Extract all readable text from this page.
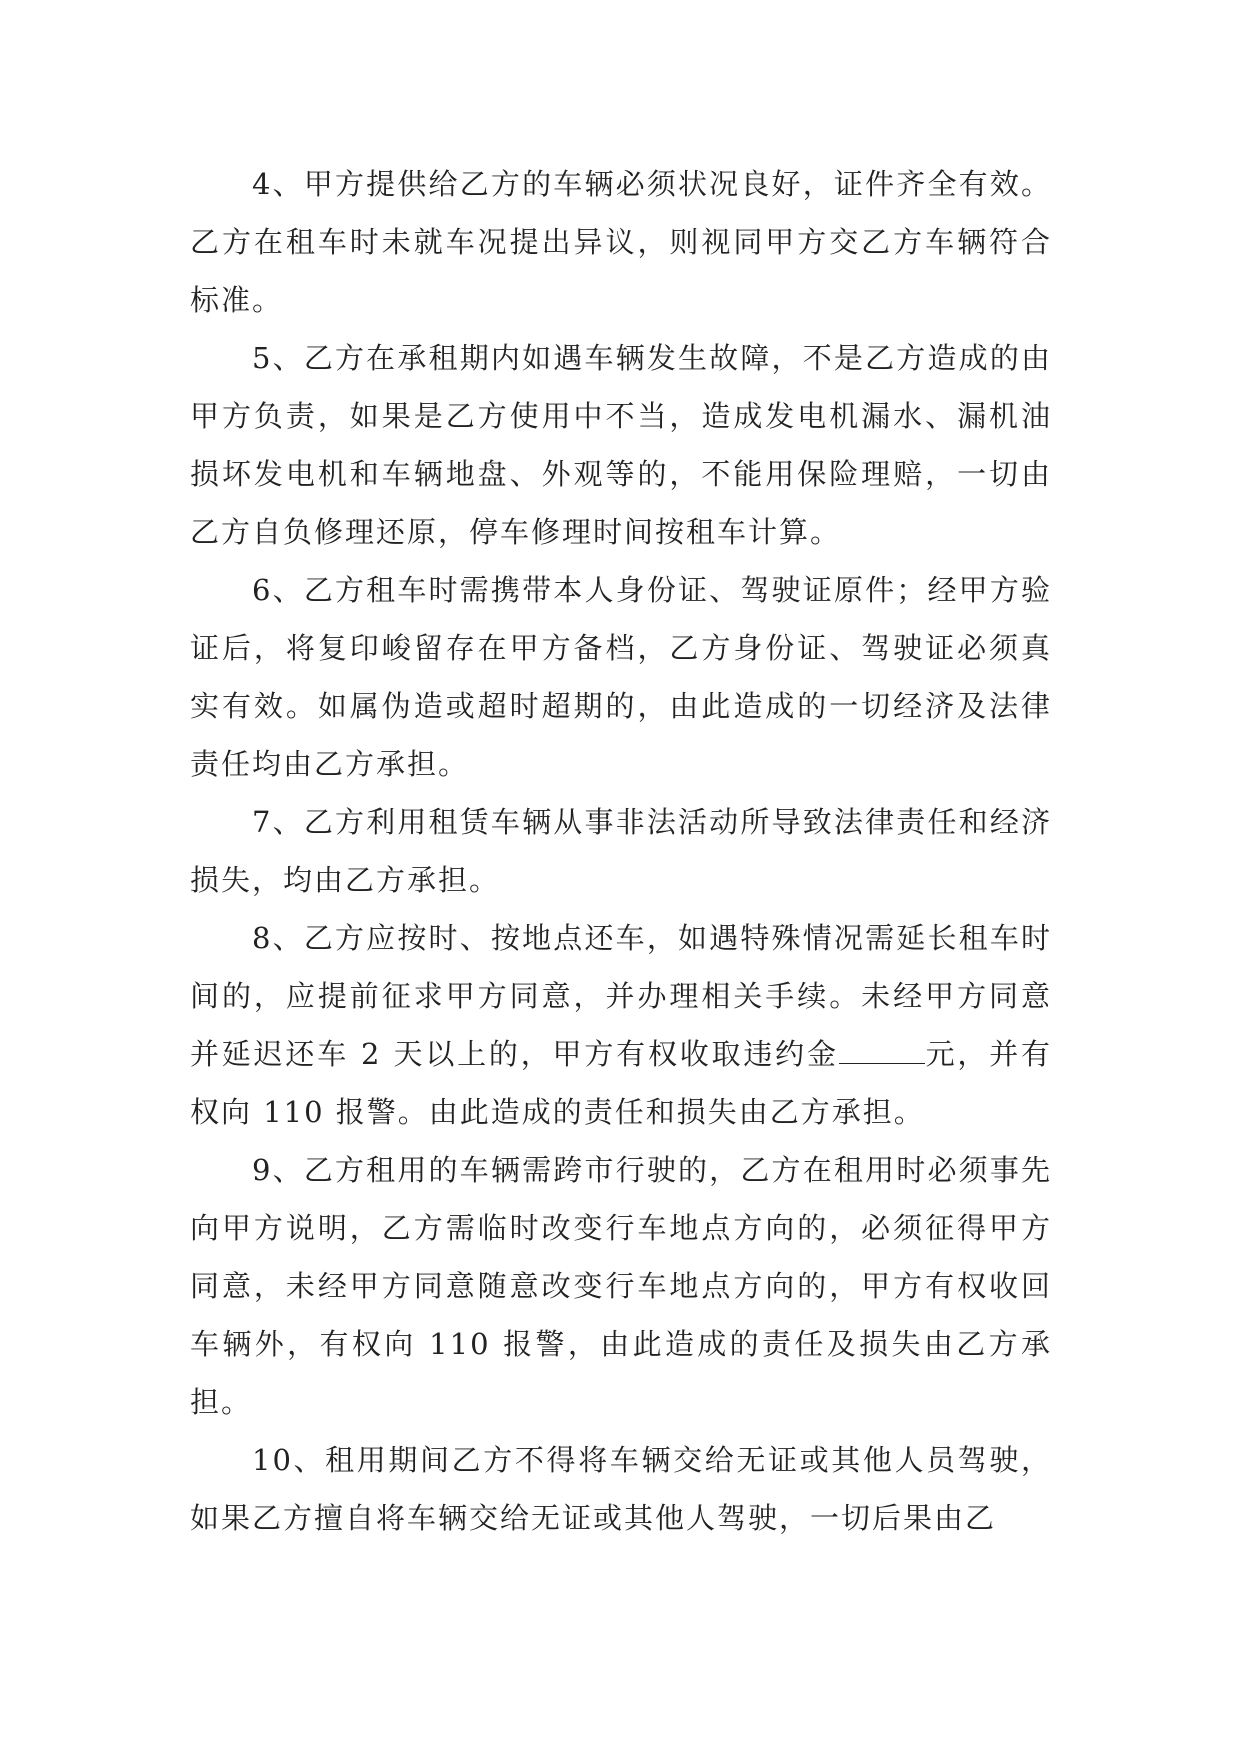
4、甲方提供给乙方的车辆必须状况良好，证件齐全有效。乙方在租车时未就车况提出异议，则视同甲方交乙方车辆符合标准。

5、乙方在承租期内如遇车辆发生故障，不是乙方造成的由甲方负责，如果是乙方使用中不当，造成发电机漏水、漏机油损坏发电机和车辆地盘、外观等的，不能用保险理赔，一切由乙方自负修理还原，停车修理时间按租车计算。

6、乙方租车时需携带本人身份证、驾驶证原件；经甲方验证后，将复印峻留存在甲方备档，乙方身份证、驾驶证必须真实有效。如属伪造或超时超期的，由此造成的一切经济及法律责任均由乙方承担。

7、乙方利用租赁车辆从事非法活动所导致法律责任和经济损失，均由乙方承担。

8、乙方应按时、按地点还车，如遇特殊情况需延长租车时间的，应提前征求甲方同意，并办理相关手续。未经甲方同意并延迟还车 2 天以上的，甲方有权收取违约金	元，并有权向 110 报警。由此造成的责任和损失由乙方承担。

9、乙方租用的车辆需跨市行驶的，乙方在租用时必须事先向甲方说明，乙方需临时改变行车地点方向的，必须征得甲方同意，未经甲方同意随意改变行车地点方向的，甲方有权收回车辆外，有权向 110 报警，由此造成的责任及损失由乙方承担。

10、租用期间乙方不得将车辆交给无证或其他人员驾驶，如果乙方擅自将车辆交给无证或其他人驾驶，一切后果由乙
